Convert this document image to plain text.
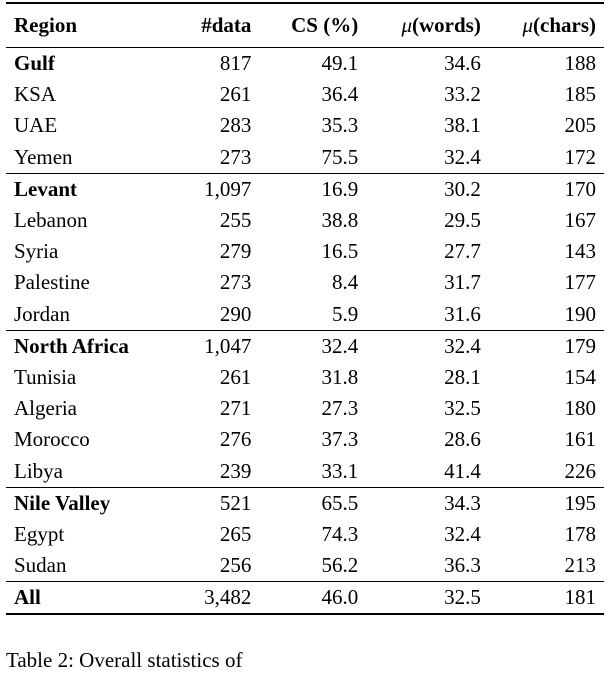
Region	#data	CS (%)	μ(words)	μ(chars)
Gulf	817	49.1	34.6	188
KSA	261	36.4	33.2	185
UAE	283	35.3	38.1	205
Yemen	273	75.5	32.4	172
Levant	1,097	16.9	30.2	170
Lebanon	255	38.8	29.5	167
Syria	279	16.5	27.7	143
Palestine	273	8.4	31.7	177
Jordan	290	5.9	31.6	190
North Africa	1,047	32.4	32.4	179
Tunisia	261	31.8	28.1	154
Algeria	271	27.3	32.5	180
Morocco	276	37.3	28.6	161
Libya	239	33.1	41.4	226
Nile Valley	521	65.5	34.3	195
Egypt	265	74.3	32.4	178
Sudan	256	56.2	36.3	213
All	3,482	46.0	32.5	181
Table 2: Overall statistics of
